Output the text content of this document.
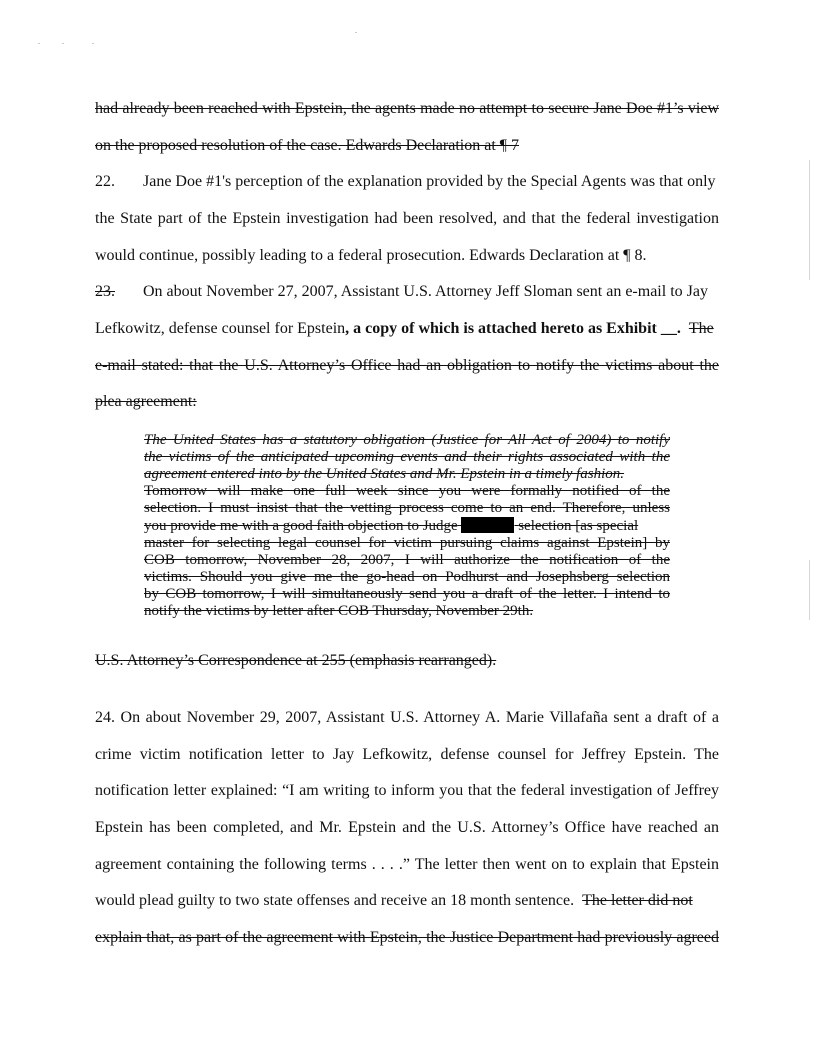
had already been reached with Epstein, the agents made no attempt to secure Jane Doe #1’s view
on the proposed resolution of the case. Edwards Declaration at ¶ 7
22. Jane Doe #1's perception of the explanation provided by the Special Agents was that only
the State part of the Epstein investigation had been resolved, and that the federal investigation
would continue, possibly leading to a federal prosecution. Edwards Declaration at ¶ 8.
23. On about November 27, 2007, Assistant U.S. Attorney Jeff Sloman sent an e-mail to Jay
Lefkowitz, defense counsel for Epstein, a copy of which is attached hereto as Exhibit __. The
e-mail stated: that the U.S. Attorney’s Office had an obligation to notify the victims about the
plea agreement:
The United States has a statutory obligation (Justice for All Act of 2004) to notify
the victims of the anticipated upcoming events and their rights associated with the
agreement entered into by the United States and Mr. Epstein in a timely fashion.
Tomorrow will make one full week since you were formally notified of the
selection. I must insist that the vetting process come to an end. Therefore, unless
you provide me with a good faith objection to Judge	selection [as special
master for selecting legal counsel for victim pursuing claims against Epstein] by
COB tomorrow, November 28, 2007, I will authorize the notification of the
victims. Should you give me the go-head on Podhurst and Josephsberg selection
by COB tomorrow, I will simultaneously send you a draft of the letter. I intend to
notify the victims by letter after COB Thursday, November 29th.
U.S. Attorney’s Correspondence at 255 (emphasis rearranged).
24. On about November 29, 2007, Assistant U.S. Attorney A. Marie Villafaña sent a draft of a
crime victim notification letter to Jay Lefkowitz, defense counsel for Jeffrey Epstein. The
notification letter explained: “I am writing to inform you that the federal investigation of Jeffrey
Epstein has been completed, and Mr. Epstein and the U.S. Attorney’s Office have reached an
agreement containing the following terms . . . .” The letter then went on to explain that Epstein
would plead guilty to two state offenses and receive an 18 month sentence. The letter did not
explain that, as part of the agreement with Epstein, the Justice Department had previously agreed
